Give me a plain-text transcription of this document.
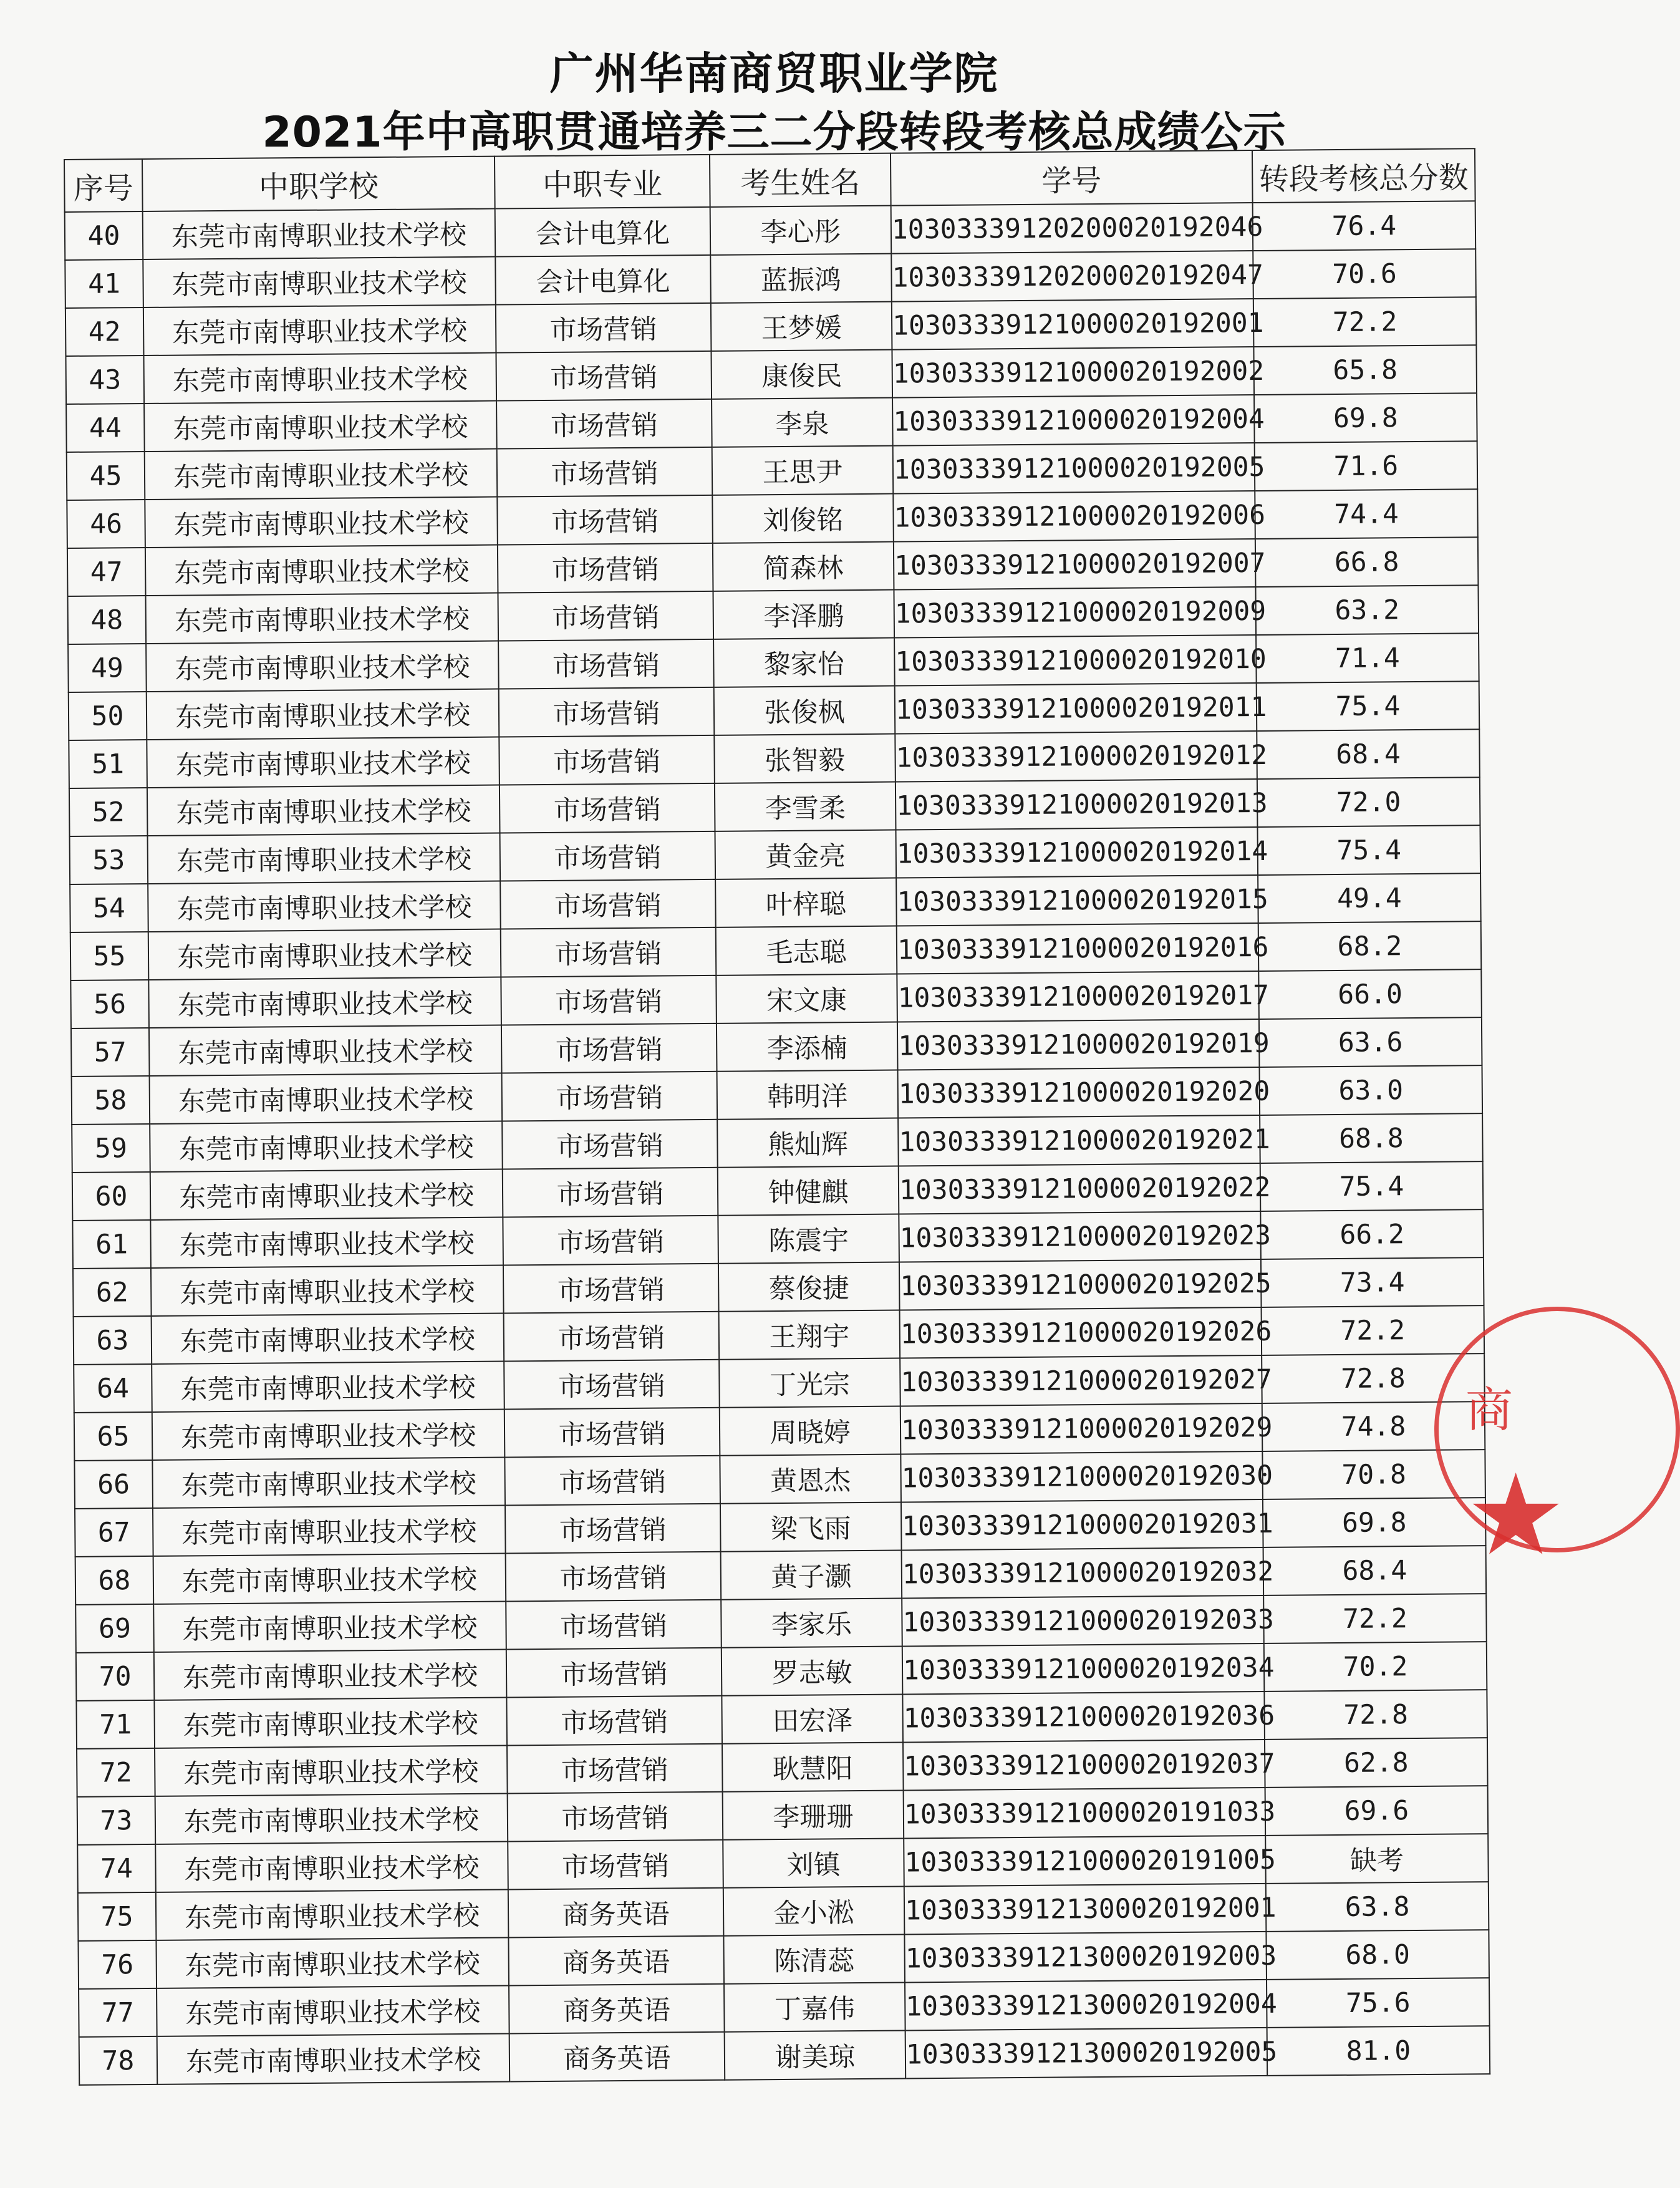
广州华南商贸职业学院
2021年中高职贯通培养三二分段转段考核总成绩公示
序号	中职学校	中职专业	考生姓名	学号	转段考核总分数
40	东莞市南博职业技术学校	会计电算化	李心彤	10303339120200020192046	76.4
41	东莞市南博职业技术学校	会计电算化	蓝振鸿	10303339120200020192047	70.6
42	东莞市南博职业技术学校	市场营销	王梦媛	10303339121000020192001	72.2
43	东莞市南博职业技术学校	市场营销	康俊民	10303339121000020192002	65.8
44	东莞市南博职业技术学校	市场营销	李泉	10303339121000020192004	69.8
45	东莞市南博职业技术学校	市场营销	王思尹	10303339121000020192005	71.6
46	东莞市南博职业技术学校	市场营销	刘俊铭	10303339121000020192006	74.4
47	东莞市南博职业技术学校	市场营销	简森林	10303339121000020192007	66.8
48	东莞市南博职业技术学校	市场营销	李泽鹏	10303339121000020192009	63.2
49	东莞市南博职业技术学校	市场营销	黎家怡	10303339121000020192010	71.4
50	东莞市南博职业技术学校	市场营销	张俊枫	10303339121000020192011	75.4
51	东莞市南博职业技术学校	市场营销	张智毅	10303339121000020192012	68.4
52	东莞市南博职业技术学校	市场营销	李雪柔	10303339121000020192013	72.0
53	东莞市南博职业技术学校	市场营销	黄金亮	10303339121000020192014	75.4
54	东莞市南博职业技术学校	市场营销	叶梓聪	10303339121000020192015	49.4
55	东莞市南博职业技术学校	市场营销	毛志聪	10303339121000020192016	68.2
56	东莞市南博职业技术学校	市场营销	宋文康	10303339121000020192017	66.0
57	东莞市南博职业技术学校	市场营销	李添楠	10303339121000020192019	63.6
58	东莞市南博职业技术学校	市场营销	韩明洋	10303339121000020192020	63.0
59	东莞市南博职业技术学校	市场营销	熊灿辉	10303339121000020192021	68.8
60	东莞市南博职业技术学校	市场营销	钟健麒	10303339121000020192022	75.4
61	东莞市南博职业技术学校	市场营销	陈震宇	10303339121000020192023	66.2
62	东莞市南博职业技术学校	市场营销	蔡俊捷	10303339121000020192025	73.4
63	东莞市南博职业技术学校	市场营销	王翔宇	10303339121000020192026	72.2
64	东莞市南博职业技术学校	市场营销	丁光宗	10303339121000020192027	72.8
65	东莞市南博职业技术学校	市场营销	周晓婷	10303339121000020192029	74.8
66	东莞市南博职业技术学校	市场营销	黄恩杰	10303339121000020192030	70.8
67	东莞市南博职业技术学校	市场营销	梁飞雨	10303339121000020192031	69.8
68	东莞市南博职业技术学校	市场营销	黄子灏	10303339121000020192032	68.4
69	东莞市南博职业技术学校	市场营销	李家乐	10303339121000020192033	72.2
70	东莞市南博职业技术学校	市场营销	罗志敏	10303339121000020192034	70.2
71	东莞市南博职业技术学校	市场营销	田宏泽	10303339121000020192036	72.8
72	东莞市南博职业技术学校	市场营销	耿慧阳	10303339121000020192037	62.8
73	东莞市南博职业技术学校	市场营销	李珊珊	10303339121000020191033	69.6
74	东莞市南博职业技术学校	市场营销	刘镇	10303339121000020191005	缺考
75	东莞市南博职业技术学校	商务英语	金小淞	10303339121300020192001	63.8
76	东莞市南博职业技术学校	商务英语	陈清蕊	10303339121300020192003	68.0
77	东莞市南博职业技术学校	商务英语	丁嘉伟	10303339121300020192004	75.6
78	东莞市南博职业技术学校	商务英语	谢美琼	10303339121300020192005	81.0
商
★
